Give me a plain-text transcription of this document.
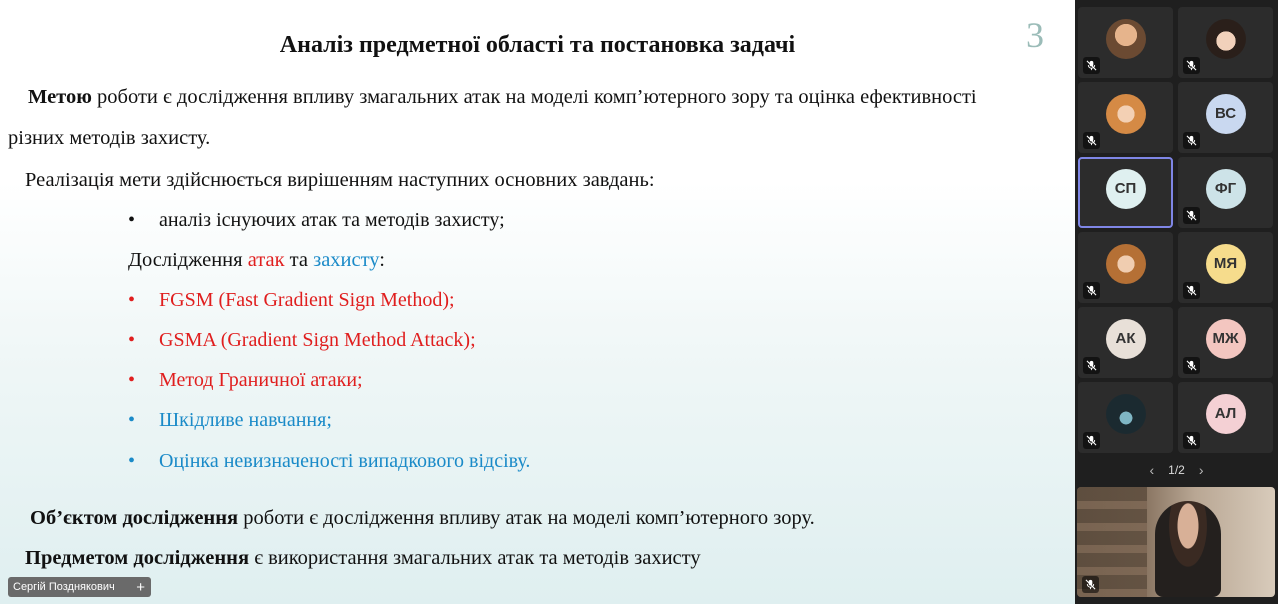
3
Аналіз предметної області та постановка задачі
Метою роботи є дослідження впливу змагальних атак на моделі комп’ютерного зору та оцінка ефективності
різних методів захисту.
Реалізація мети здійснюється вирішенням наступних основних завдань:
• аналіз існуючих атак та методів захисту;
Дослідження атак та захисту:
• FGSM (Fast Gradient Sign Method);
• GSMA (Gradient Sign Method Attack);
• Метод Граничної атаки;
• Шкідливе навчання;
• Оцінка невизначеності випадкового відсіву.
Об’єктом дослідження роботи є дослідження впливу атак на моделі комп’ютерного зору.
Предметом дослідження є використання змагальних атак та методів захисту
Сергій Позднякович +
ВС
СП	ФГ
МЯ
АК	МЖ
АЛ
‹ 1/2 ›
